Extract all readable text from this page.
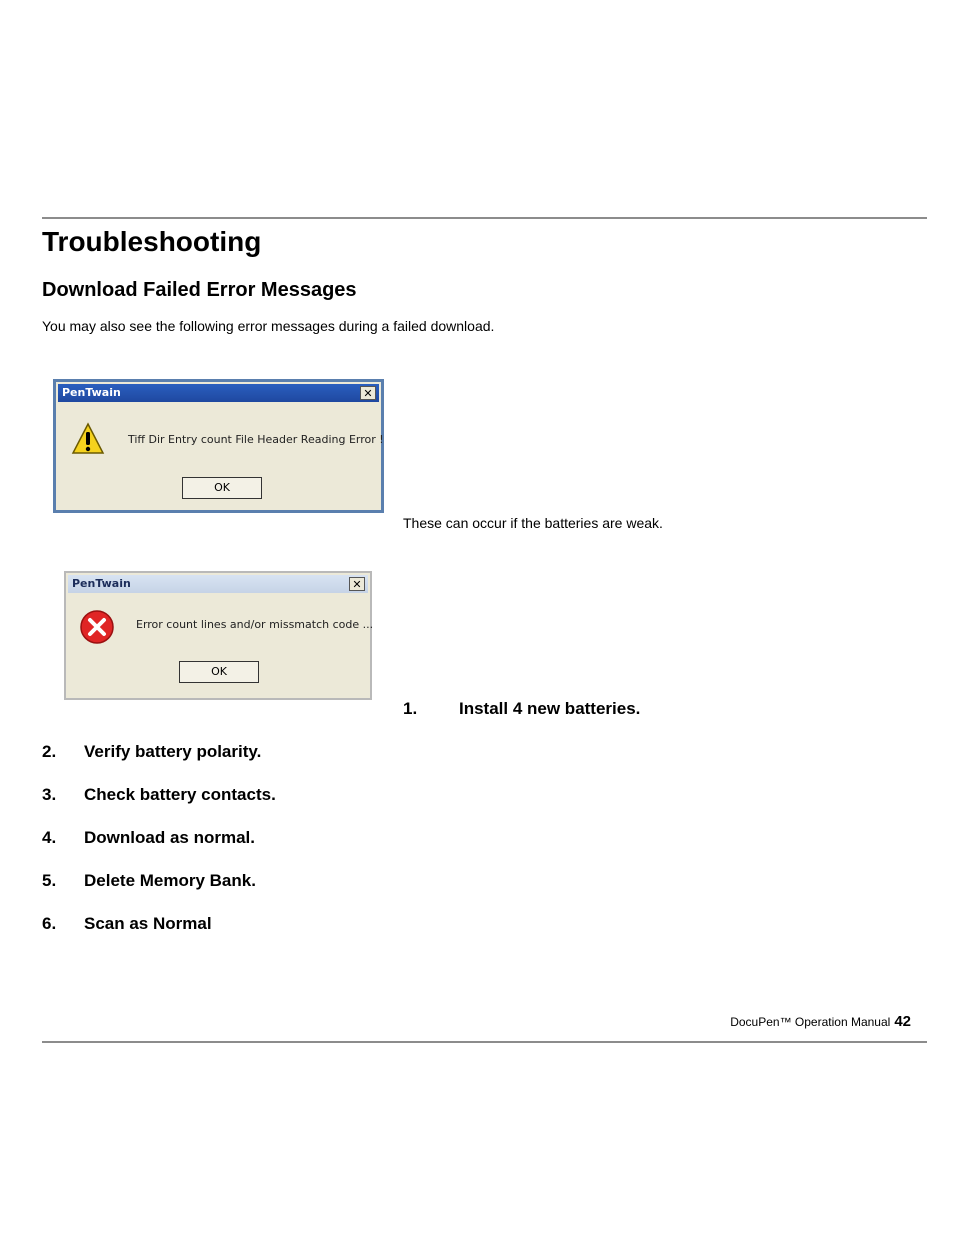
Troubleshooting
Download Failed Error Messages
You may also see the following error messages during a failed download.
PenTwain	✕
Tiff Dir Entry count File Header Reading Error !
OK
These can occur if the batteries are weak.
PenTwain	✕
Error count lines and/or missmatch code ...
OK
1. Install 4 new batteries.
2. Verify battery polarity.
3. Check battery contacts.
4. Download as normal.
5. Delete Memory Bank.
6. Scan as Normal
DocuPen™ Operation Manual 42
